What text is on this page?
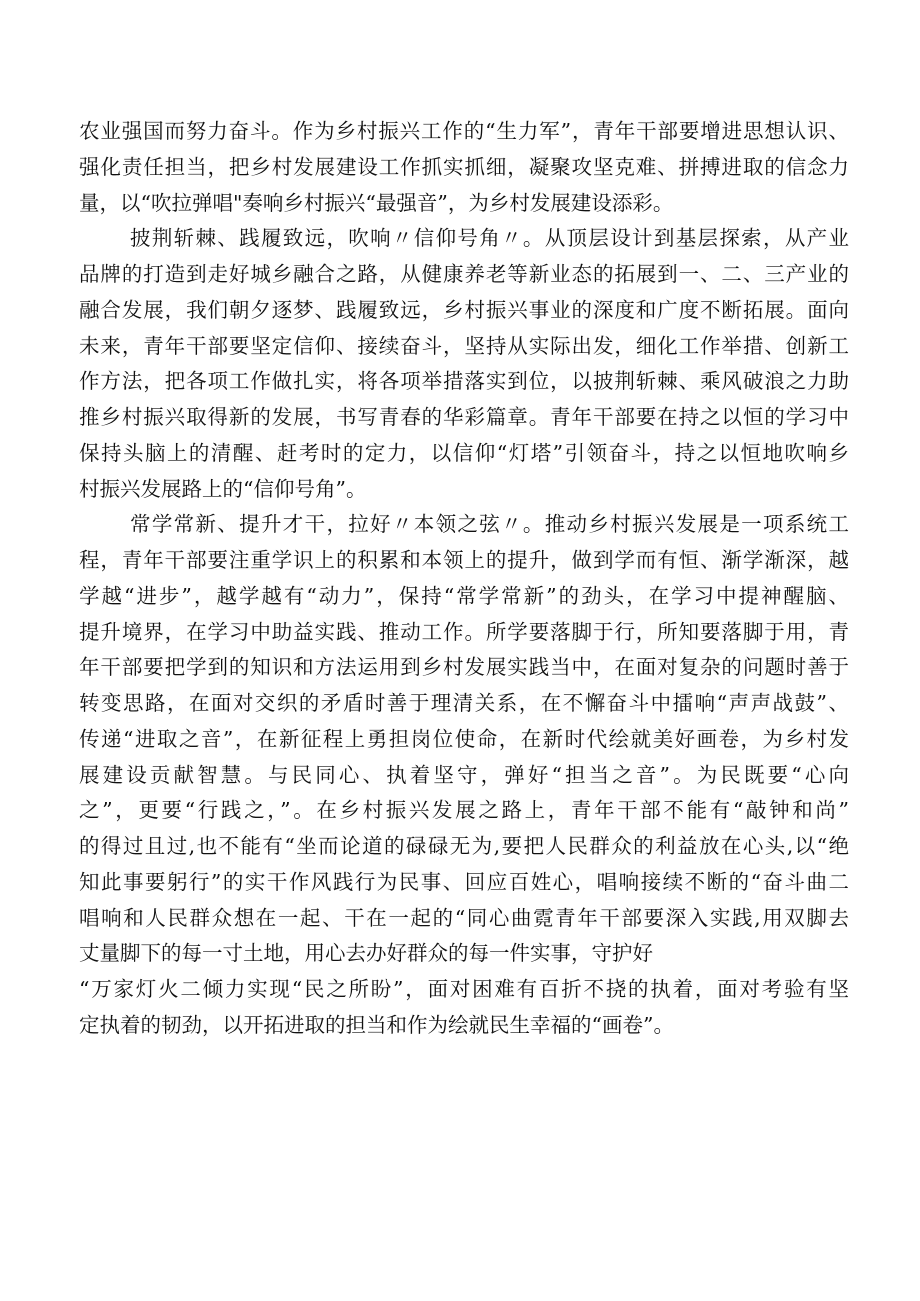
农业强国而努力奋斗。作为乡村振兴工作的“生力军”，青年干部要增进思想认识、
强化责任担当，把乡村发展建设工作抓实抓细，凝聚攻坚克难、拼搏进取的信念力
量，以“吹拉弹唱"奏响乡村振兴“最强音”，为乡村发展建设添彩。
披荆斩棘、践履致远，吹响〃信仰号角〃。从顶层设计到基层探索，从产业
品牌的打造到走好城乡融合之路，从健康养老等新业态的拓展到一、二、三产业的
融合发展，我们朝夕逐梦、践履致远，乡村振兴事业的深度和广度不断拓展。面向
未来，青年干部要坚定信仰、接续奋斗，坚持从实际出发，细化工作举措、创新工
作方法，把各项工作做扎实，将各项举措落实到位，以披荆斩棘、乘风破浪之力助
推乡村振兴取得新的发展，书写青春的华彩篇章。青年干部要在持之以恒的学习中
保持头脑上的清醒、赶考时的定力，以信仰“灯塔”引领奋斗，持之以恒地吹响乡
村振兴发展路上的“信仰号角”。
常学常新、提升才干，拉好〃本领之弦〃。推动乡村振兴发展是一项系统工
程，青年干部要注重学识上的积累和本领上的提升，做到学而有恒、渐学渐深，越
学越“进步”，越学越有“动力”，保持“常学常新”的劲头，在学习中提神醒脑、
提升境界，在学习中助益实践、推动工作。所学要落脚于行，所知要落脚于用，青
年干部要把学到的知识和方法运用到乡村发展实践当中，在面对复杂的问题时善于
转变思路，在面对交织的矛盾时善于理清关系，在不懈奋斗中擂响“声声战鼓”、
传递“进取之音”，在新征程上勇担岗位使命，在新时代绘就美好画卷，为乡村发
展建设贡献智慧。与民同心、执着坚守，弹好“担当之音”。为民既要“心向
之”，更要“行践之，”。在乡村振兴发展之路上，青年干部不能有“敲钟和尚”
的得过且过,也不能有“坐而论道的碌碌无为,要把人民群众的利益放在心头,以“绝
知此事要躬行”的实干作风践行为民事、回应百姓心，唱响接续不断的“奋斗曲二
唱响和人民群众想在一起、干在一起的“同心曲霓青年干部要深入实践,用双脚去
丈量脚下的每一寸土地，用心去办好群众的每一件实事，守护好
“万家灯火二倾力实现“民之所盼”，面对困难有百折不挠的执着，面对考验有坚
定执着的韧劲，以开拓进取的担当和作为绘就民生幸福的“画卷”。
